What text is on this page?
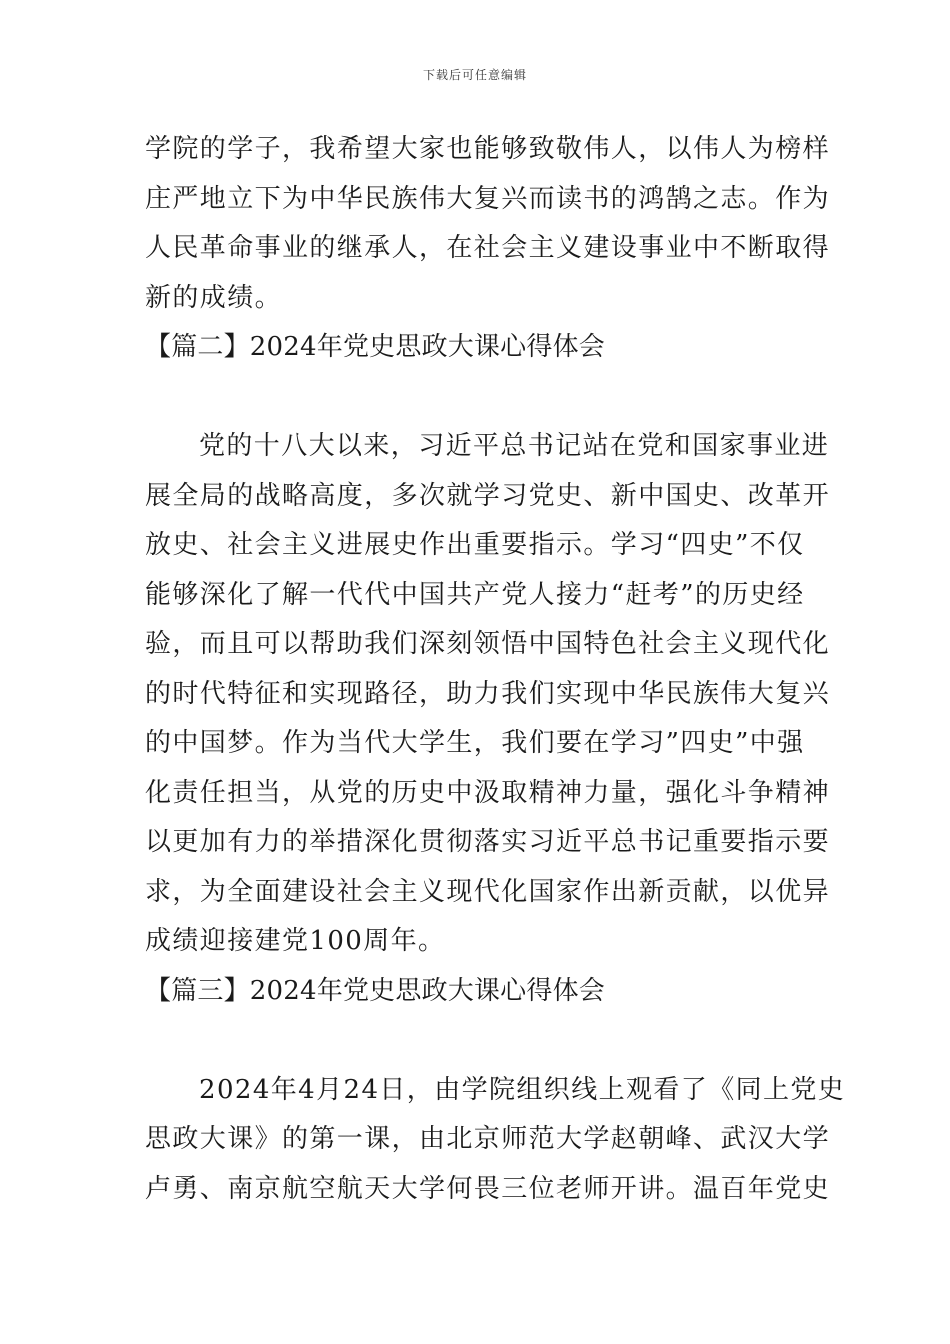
下载后可任意编辑
学院的学子，我希望大家也能够致敬伟人，以伟人为榜样
庄严地立下为中华民族伟大复兴而读书的鸿鹄之志。作为
人民革命事业的继承人，在社会主义建设事业中不断取得
新的成绩。
【篇二】2024年党史思政大课心得体会
党的十八大以来，习近平总书记站在党和国家事业进
展全局的战略高度，多次就学习党史、新中国史、改革开
放史、社会主义进展史作出重要指示。学习“四史”不仅
能够深化了解一代代中国共产党人接力“赶考”的历史经
验，而且可以帮助我们深刻领悟中国特色社会主义现代化
的时代特征和实现路径，助力我们实现中华民族伟大复兴
的中国梦。作为当代大学生，我们要在学习”四史”中强
化责任担当，从党的历史中汲取精神力量，强化斗争精神
以更加有力的举措深化贯彻落实习近平总书记重要指示要
求，为全面建设社会主义现代化国家作出新贡献，以优异
成绩迎接建党100周年。
【篇三】2024年党史思政大课心得体会
2024年4月24日，由学院组织线上观看了《同上党史
思政大课》的第一课，由北京师范大学赵朝峰、武汉大学
卢勇、南京航空航天大学何畏三位老师开讲。温百年党史
